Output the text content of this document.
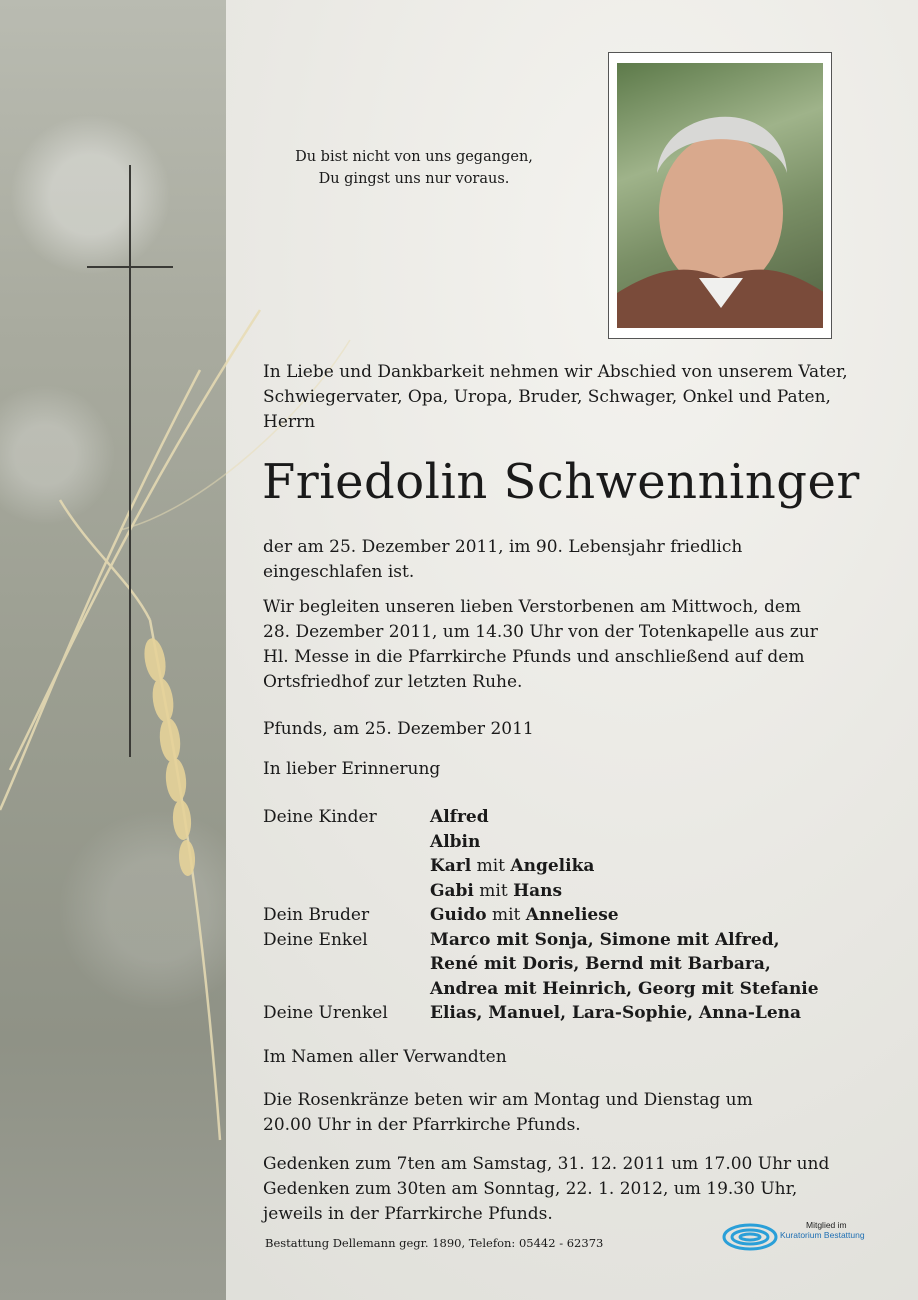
Du bist nicht von uns gegangen,
Du gingst uns nur voraus.
In Liebe und Dankbarkeit nehmen wir Abschied von unserem Vater,
Schwiegervater, Opa, Uropa, Bruder, Schwager, Onkel und Paten,
Herrn
Friedolin Schwenninger
der am 25. Dezember 2011, im 90. Lebensjahr friedlich
eingeschlafen ist.
Wir begleiten unseren lieben Verstorbenen am Mittwoch, dem
28. Dezember 2011, um 14.30 Uhr von der Totenkapelle aus zur
Hl. Messe in die Pfarrkirche Pfunds und anschließend auf dem
Ortsfriedhof zur letzten Ruhe.
Pfunds, am 25. Dezember 2011
In lieber Erinnerung
Deine Kinder	Alfred
Albin
Karl mit Angelika
Gabi mit Hans
Dein Bruder	Guido mit Anneliese
Deine Enkel	Marco mit Sonja, Simone mit Alfred,
René mit Doris, Bernd mit Barbara,
Andrea mit Heinrich, Georg mit Stefanie
Deine Urenkel	Elias, Manuel, Lara-Sophie, Anna-Lena
Im Namen aller Verwandten
Die Rosenkränze beten wir am Montag und Dienstag um
20.00 Uhr in der Pfarrkirche Pfunds.
Gedenken zum 7ten am Samstag, 31. 12. 2011 um 17.00 Uhr und
Gedenken zum 30ten am Sonntag, 22. 1. 2012, um 19.30 Uhr,
jeweils in der Pfarrkirche Pfunds.
Bestattung Dellemann gegr. 1890, Telefon: 05442 - 62373
Mitglied im
Kuratorium Bestattung
